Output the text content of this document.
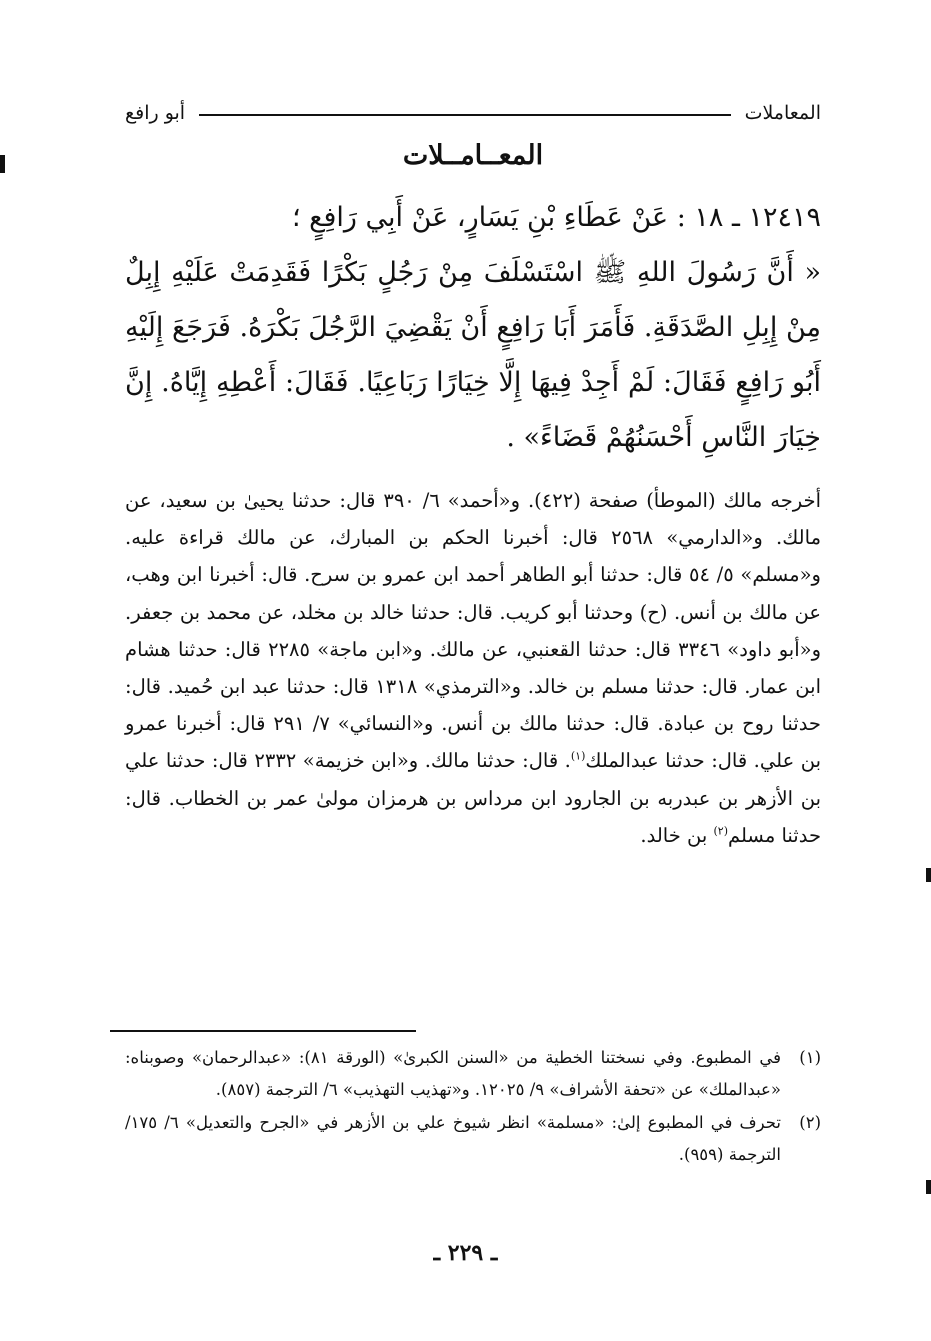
المعاملات
أبو رافع
المعــامــلات

١٢٤١٩ ـ ١٨ : عَنْ عَطَاءِ بْنِ يَسَارٍ، عَنْ أَبِي رَافِعٍ ؛

« أَنَّ رَسُولَ اللهِ ﷺ اسْتَسْلَفَ مِنْ رَجُلٍ بَكْرًا فَقَدِمَتْ عَلَيْهِ إِبِلٌ مِنْ إِبِلِ الصَّدَقَةِ. فَأَمَرَ أَبَا رَافِعٍ أَنْ يَقْضِيَ الرَّجُلَ بَكْرَهُ. فَرَجَعَ إِلَيْهِ أَبُو رَافِعٍ فَقَالَ: لَمْ أَجِدْ فِيهَا إِلَّا خِيَارًا رَبَاعِيًا. فَقَالَ: أَعْطِهِ إِيَّاهُ. إِنَّ خِيَارَ النَّاسِ أَحْسَنُهُمْ قَضَاءً» .

أخرجه مالك (الموطأ) صفحة (٤٢٢). و«أحمد» ٦/ ٣٩٠ قال: حدثنا يحيىٰ بن سعيد، عن مالك. و«الدارمي» ٢٥٦٨ قال: أخبرنا الحكم بن المبارك، عن مالك قراءة عليه. و«مسلم» ٥/ ٥٤ قال: حدثنا أبو الطاهر أحمد ابن عمرو بن سرح. قال: أخبرنا ابن وهب، عن مالك بن أنس. (ح) وحدثنا أبو كريب. قال: حدثنا خالد بن مخلد، عن محمد بن جعفر. و«أبو داود» ٣٣٤٦ قال: حدثنا القعنبي، عن مالك. و«ابن ماجة» ٢٢٨٥ قال: حدثنا هشام ابن عمار. قال: حدثنا مسلم بن خالد. و«الترمذي» ١٣١٨ قال: حدثنا عبد ابن حُميد. قال: حدثنا روح بن عبادة. قال: حدثنا مالك بن أنس. و«النسائي» ٧/ ٢٩١ قال: أخبرنا عمرو بن علي. قال: حدثنا عبدالملك$^{(١)}$. قال: حدثنا مالك. و«ابن خزيمة» ٢٣٣٢ قال: حدثنا علي بن الأزهر بن عبدربه بن الجارود ابن مرداس بن هرمزان مولىٰ عمر بن الخطاب. قال: حدثنا مسلم$^{(٢)}$ بن خالد.

(١)
في المطبوع. وفي نسختنا الخطية من «السنن الكبرىٰ» (الورقة ٨١): «عبدالرحمان» وصوبناه: «عبدالملك» عن «تحفة الأشراف» ٩/ ١٢٠٢٥. و«تهذيب التهذيب» ٦/ الترجمة (٨٥٧).
(٢)
تحرف في المطبوع إلىٰ: «مسلمة» انظر شيوخ علي بن الأزهر في «الجرح والتعديل» ٦/ ١٧٥/ الترجمة (٩٥٩).
ـ ٢٢٩ ـ
